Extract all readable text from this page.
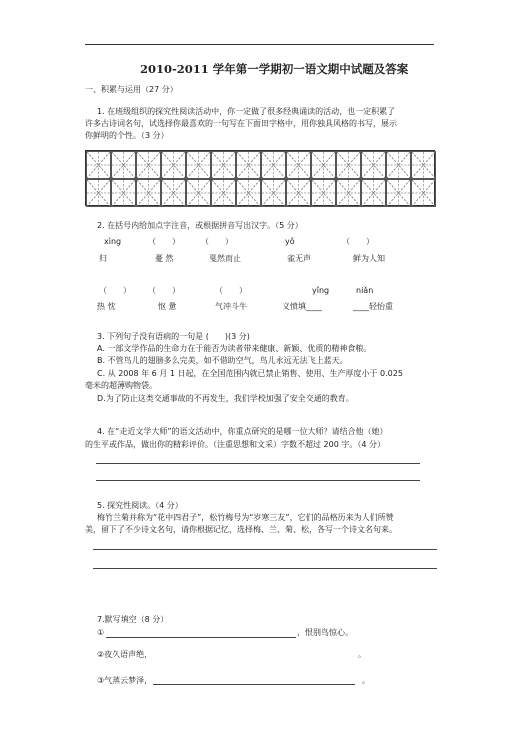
2010-2011 学年第一学期初一语文期中试题及答案
一、积累与运用（27 分）
1. 在班级组织的探究性阅读活动中，你一定做了很多经典诵读的活动，也一定积累了
许多古诗词名句，试选择你最喜欢的一句写在下面田字格中，用你独具风格的书写，展示
你鲜明的个性。（3 分）
2. 在括号内给加点字注音，或根据拼音写出汉字。（5 分）
xìng	（　　）	（　　）	yǒ	（　　）
归	憂 然	戛然而止	雀无声	鲜为人知
（　　） （　　）	（　　）	yǐng	niǎn
热 忱	怄 惫	气冲斗牛	义愤填____	____轻怡重
3. 下列句子没有语病的一句是 (　　)(3 分)
A. 一部文学作品的生命力在于能否为读者带来健康、新颖、优质的精神食粮。
B. 不管鸟儿的翅膀多么完美，如不借助空气，鸟儿永远无法飞上蓝天。
C. 从 2008 年 6 月 1 日起，在全国范围内就已禁止销售、使用、生产厚度小于 0.025
毫米的超薄购物袋。
D.为了防止这类交通事故的不再发生，我们学校加强了安全交通的教育。
4. 在“走近文学大师”的语文活动中，你重点研究的是哪一位大师？请结合他（她）
的生平或作品，做出你的精彩评价。（注重思想和文采）字数不超过 200 字。（4 分）
5. 探究性阅读。（4 分）
梅竹兰菊并称为“花中四君子”，松竹梅号为“岁寒三友”，它们的品格历来为人们所赞
美，留下了不少诗文名句，请你根据记忆，选择梅、兰、菊、松，各写一个诗文名句来。
7.默写填空（8 分）
①	，恨别鸟惊心。
②夜久语声绝，	。
③气蒸云梦泽，	。
